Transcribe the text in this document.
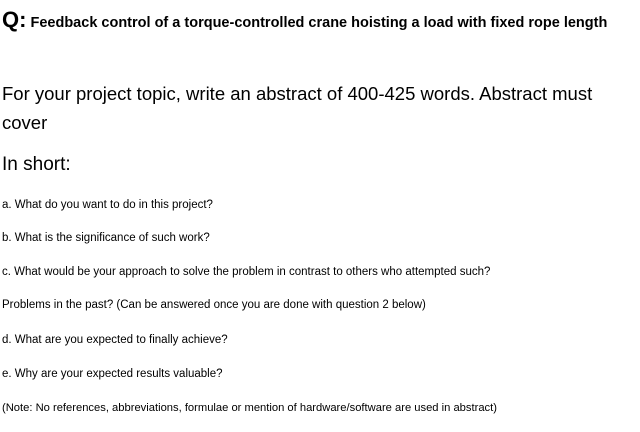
Q: Feedback control of a torque-controlled crane hoisting a load with fixed rope length
For your project topic, write an abstract of 400-425 words. Abstract must cover
In short:
a. What do you want to do in this project?
b. What is the significance of such work?
c. What would be your approach to solve the problem in contrast to others who attempted such?
Problems in the past? (Can be answered once you are done with question 2 below)
d. What are you expected to finally achieve?
e. Why are your expected results valuable?
(Note: No references, abbreviations, formulae or mention of hardware/software are used in abstract)
